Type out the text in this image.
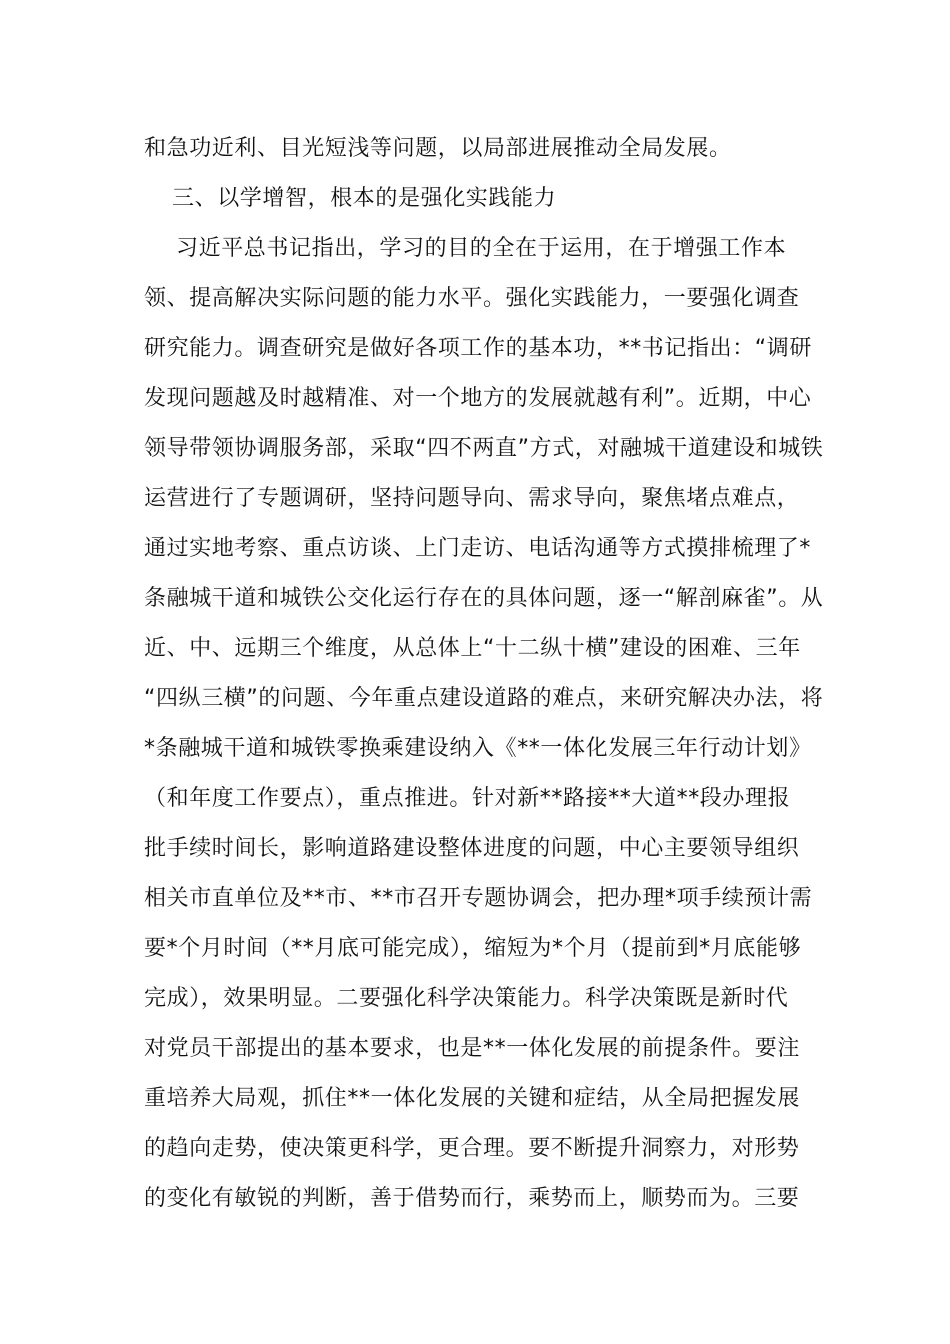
和急功近利、目光短浅等问题，以局部进展推动全局发展。
三、以学增智，根本的是强化实践能力
习近平总书记指出，学习的目的全在于运用，在于增强工作本
领、提高解决实际问题的能力水平。强化实践能力，一要强化调查
研究能力。调查研究是做好各项工作的基本功，**书记指出：“调研
发现问题越及时越精准、对一个地方的发展就越有利”。近期，中心
领导带领协调服务部，采取“四不两直”方式，对融城干道建设和城铁
运营进行了专题调研，坚持问题导向、需求导向，聚焦堵点难点，
通过实地考察、重点访谈、上门走访、电话沟通等方式摸排梳理了*
条融城干道和城铁公交化运行存在的具体问题，逐一“解剖麻雀”。从
近、中、远期三个维度，从总体上“十二纵十横”建设的困难、三年
“四纵三横”的问题、今年重点建设道路的难点，来研究解决办法，将
*条融城干道和城铁零换乘建设纳入《**一体化发展三年行动计划》
（和年度工作要点），重点推进。针对新**路接**大道**段办理报
批手续时间长，影响道路建设整体进度的问题，中心主要领导组织
相关市直单位及**市、**市召开专题协调会，把办理*项手续预计需
要*个月时间（**月底可能完成），缩短为*个月（提前到*月底能够
完成），效果明显。二要强化科学决策能力。科学决策既是新时代
对党员干部提出的基本要求，也是**一体化发展的前提条件。要注
重培养大局观，抓住**一体化发展的关键和症结，从全局把握发展
的趋向走势，使决策更科学，更合理。要不断提升洞察力，对形势
的变化有敏锐的判断，善于借势而行，乘势而上，顺势而为。三要
